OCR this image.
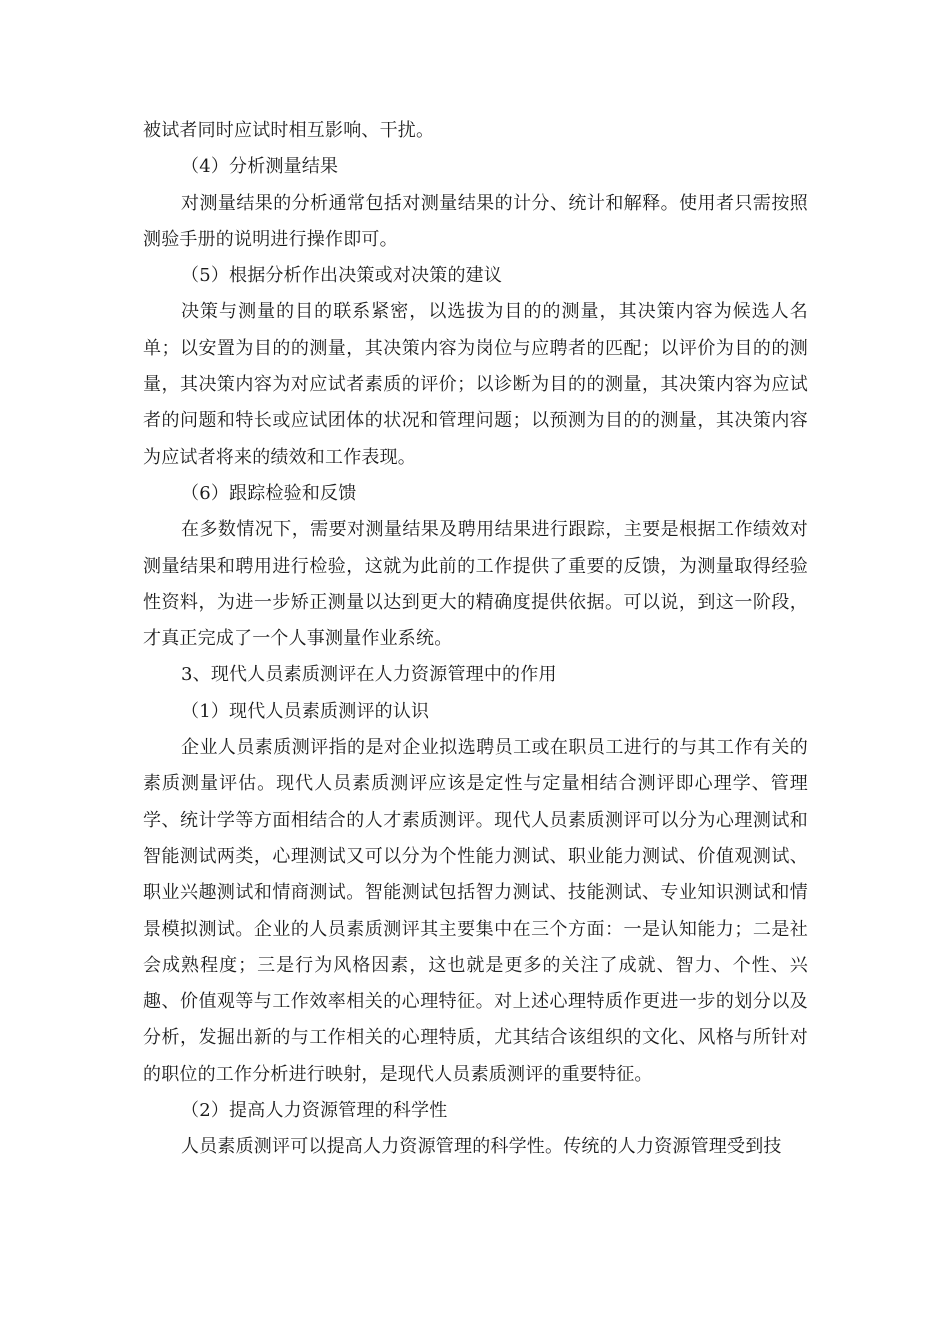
被试者同时应试时相互影响、干扰。

（4）分析测量结果

对测量结果的分析通常包括对测量结果的计分、统计和解释。使用者只需按照测验手册的说明进行操作即可。

（5）根据分析作出决策或对决策的建议

决策与测量的目的联系紧密，以选拔为目的的测量，其决策内容为候选人名单；以安置为目的的测量，其决策内容为岗位与应聘者的匹配；以评价为目的的测量，其决策内容为对应试者素质的评价；以诊断为目的的测量，其决策内容为应试者的问题和特长或应试团体的状况和管理问题；以预测为目的的测量，其决策内容为应试者将来的绩效和工作表现。

（6）跟踪检验和反馈

在多数情况下，需要对测量结果及聘用结果进行跟踪，主要是根据工作绩效对测量结果和聘用进行检验，这就为此前的工作提供了重要的反馈，为测量取得经验性资料，为进一步矫正测量以达到更大的精确度提供依据。可以说，到这一阶段，才真正完成了一个人事测量作业系统。

3、现代人员素质测评在人力资源管理中的作用

（1）现代人员素质测评的认识

企业人员素质测评指的是对企业拟选聘员工或在职员工进行的与其工作有关的素质测量评估。现代人员素质测评应该是定性与定量相结合测评即心理学、管理学、统计学等方面相结合的人才素质测评。现代人员素质测评可以分为心理测试和智能测试两类，心理测试又可以分为个性能力测试、职业能力测试、价值观测试、职业兴趣测试和情商测试。智能测试包括智力测试、技能测试、专业知识测试和情景模拟测试。企业的人员素质测评其主要集中在三个方面：一是认知能力；二是社会成熟程度；三是行为风格因素，这也就是更多的关注了成就、智力、个性、兴趣、价值观等与工作效率相关的心理特征。对上述心理特质作更进一步的划分以及分析，发掘出新的与工作相关的心理特质，尤其结合该组织的文化、风格与所针对的职位的工作分析进行映射，是现代人员素质测评的重要特征。

（2）提高人力资源管理的科学性

人员素质测评可以提高人力资源管理的科学性。传统的人力资源管理受到技
